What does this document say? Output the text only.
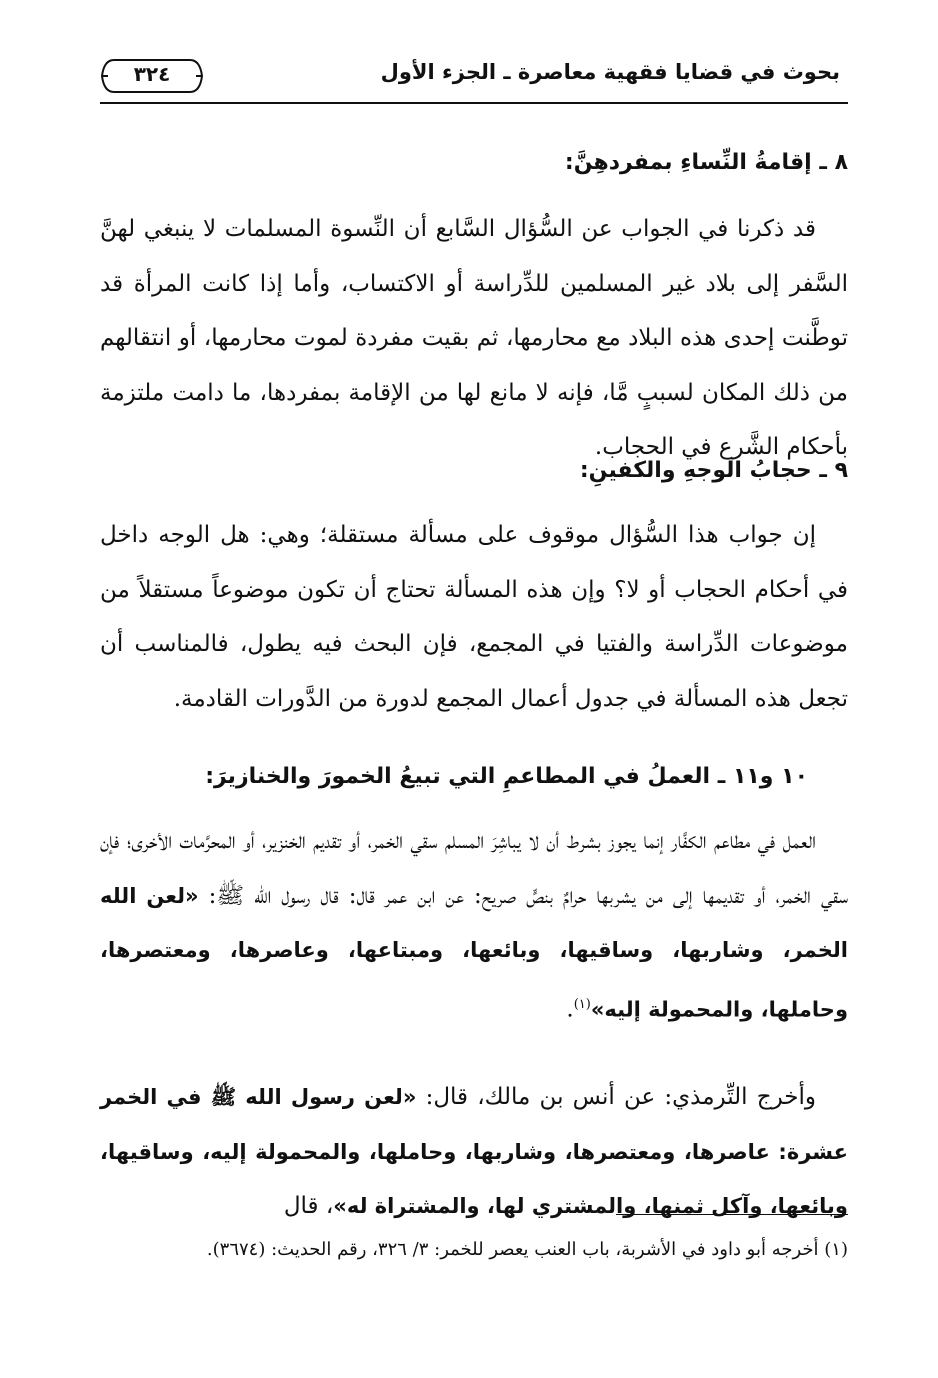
بحوث في قضايا فقهية معاصرة ـ الجزء الأول
٣٢٤
٨ ـ إقامةُ النِّساءِ بمفردهِنَّ:

قد ذكرنا في الجواب عن السُّؤال السَّابع أن النِّسوة المسلمات لا ينبغي لهنَّ السَّفر إلى بلاد غير المسلمين للدِّراسة أو الاكتساب، وأما إذا كانت المرأة قد توطَّنت إحدى هذه البلاد مع محارمها، ثم بقيت مفردة لموت محارمها، أو انتقالهم من ذلك المكان لسببٍ مَّا، فإنه لا مانع لها من الإقامة بمفردها، ما دامت ملتزمة بأحكام الشَّرع في الحجاب.

٩ ـ حجابُ الوجهِ والكفينِ:

إن جواب هذا السُّؤال موقوف على مسألة مستقلة؛ وهي: هل الوجه داخل في أحكام الحجاب أو لا؟ وإن هذه المسألة تحتاج أن تكون موضوعاً مستقلاً من موضوعات الدِّراسة والفتيا في المجمع، فإن البحث فيه يطول، فالمناسب أن تجعل هذه المسألة في جدول أعمال المجمع لدورة من الدَّورات القادمة.

١٠ و١١ ـ العملُ في المطاعمِ التي تبيعُ الخمورَ والخنازيرَ:

العمل في مطاعم الكفَّار إنما يجوز بشرط أن لا يباشِرَ المسلم سقي الخمر، أو تقديم الخنزير، أو المحرَّمات الأخرى؛ فإن سقي الخمر، أو تقديمها إلى من يشربها حرامٌ بنصٍّ صريح: عن ابن عمر قال: قال رسول الله ﷺ: «لعن الله الخمر، وشاربها، وساقيها، وبائعها، ومبتاعها، وعاصرها، ومعتصرها، وحاملها، والمحمولة إليه»$^{(١)}$.

وأخرج التِّرمذي: عن أنس بن مالك، قال: «لعن رسول الله ﷺ في الخمر عشرة: عاصرها، ومعتصرها، وشاربها، وحاملها، والمحمولة إليه، وساقيها، وبائعها، وآكل ثمنها، والمشتري لها، والمشتراة له»، قال

(١) أخرجه أبو داود في الأشربة، باب العنب يعصر للخمر: ٣/ ٣٢٦، رقم الحديث: (٣٦٧٤).
